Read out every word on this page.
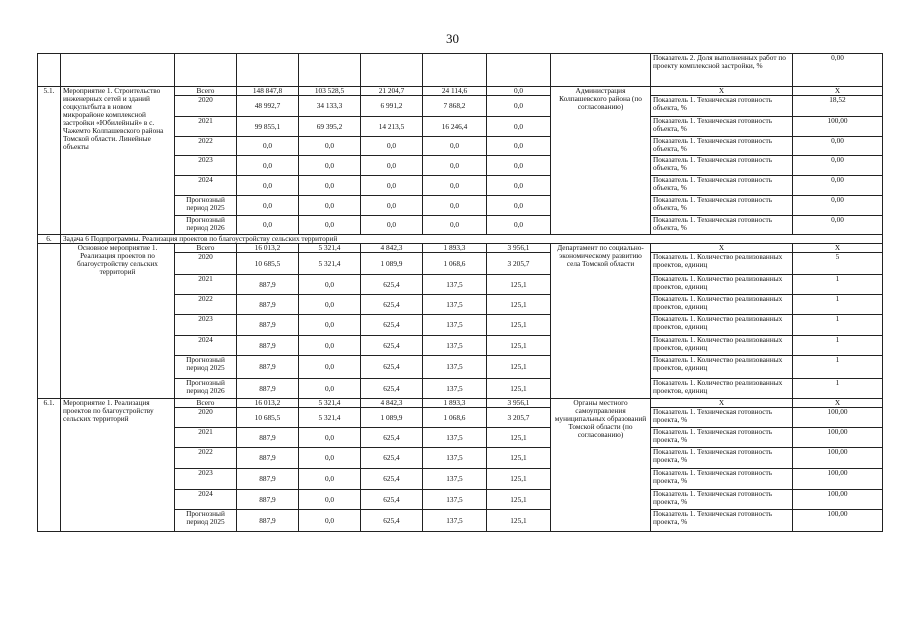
30
									Показатель 2. Доля выполненных работ по проекту комплексной застройки, %	0,00
5.1.	Мероприятие 1. Строительство инженерных сетей и зданий соцкультбыта в новом микрорайоне комплексной застройки «Юбилейный» в с. Чажемто Колпашевского района Томской области. Линейные объекты	Всего	148 847,8	103 528,5	21 204,7	24 114,6	0,0	Администрация Колпашевского района (по согласованию)	Х	Х
		2020	48 992,7	34 133,3	6 991,2	7 868,2	0,0		Показатель 1. Техническая готовность объекта, %	18,52
		2021	99 855,1	69 395,2	14 213,5	16 246,4	0,0		Показатель 1. Техническая готовность объекта, %	100,00
		2022	0,0	0,0	0,0	0,0	0,0		Показатель 1. Техническая готовность объекта, %	0,00
		2023	0,0	0,0	0,0	0,0	0,0		Показатель 1. Техническая готовность объекта, %	0,00
		2024	0,0	0,0	0,0	0,0	0,0		Показатель 1. Техническая готовность объекта, %	0,00
		Прогнозный период 2025	0,0	0,0	0,0	0,0	0,0		Показатель 1. Техническая готовность объекта, %	0,00
		Прогнозный период 2026	0,0	0,0	0,0	0,0	0,0		Показатель 1. Техническая готовность объекта, %	0,00
6.	Задача 6 Подпрограммы. Реализация проектов по благоустройству сельских территорий									
	Основное мероприятие 1. Реализация проектов по благоустройству сельских территорий	Всего	16 013,2	5 321,4	4 842,3	1 893,3	3 956,1	Департамент по социально-экономическому развитию села Томской области	Х	Х
		2020	10 685,5	5 321,4	1 089,9	1 068,6	3 205,7		Показатель 1. Количество реализованных проектов, единиц	5
		2021	887,9	0,0	625,4	137,5	125,1		Показатель 1. Количество реализованных проектов, единиц	1
		2022	887,9	0,0	625,4	137,5	125,1		Показатель 1. Количество реализованных проектов, единиц	1
		2023	887,9	0,0	625,4	137,5	125,1		Показатель 1. Количество реализованных проектов, единиц	1
		2024	887,9	0,0	625,4	137,5	125,1		Показатель 1. Количество реализованных проектов, единиц	1
		Прогнозный период 2025	887,9	0,0	625,4	137,5	125,1		Показатель 1. Количество реализованных проектов, единиц	1
		Прогнозный период 2026	887,9	0,0	625,4	137,5	125,1		Показатель 1. Количество реализованных проектов, единиц	1
6.1.	Мероприятие 1. Реализация проектов по благоустройству сельских территорий	Всего	16 013,2	5 321,4	4 842,3	1 893,3	3 956,1	Органы местного самоуправления муниципальных образований Томской области (по согласованию)	Х	Х
		2020	10 685,5	5 321,4	1 089,9	1 068,6	3 205,7		Показатель 1. Техническая готовность проекта, %	100,00
		2021	887,9	0,0	625,4	137,5	125,1		Показатель 1. Техническая готовность проекта, %	100,00
		2022	887,9	0,0	625,4	137,5	125,1		Показатель 1. Техническая готовность проекта, %	100,00
		2023	887,9	0,0	625,4	137,5	125,1		Показатель 1. Техническая готовность проекта, %	100,00
		2024	887,9	0,0	625,4	137,5	125,1		Показатель 1. Техническая готовность проекта, %	100,00
		Прогнозный период 2025	887,9	0,0	625,4	137,5	125,1		Показатель 1. Техническая готовность проекта, %	100,00
